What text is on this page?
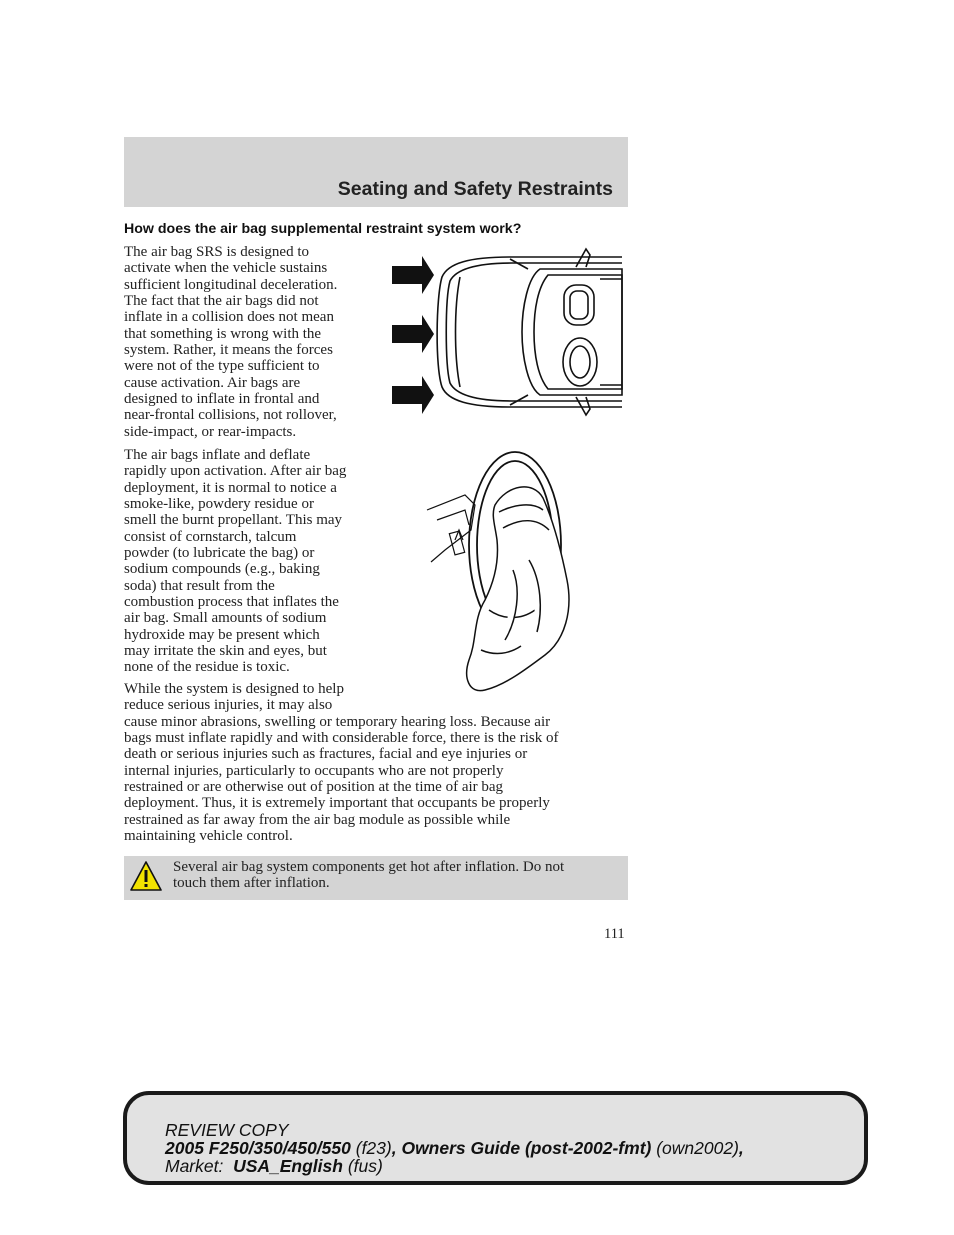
Seating and Safety Restraints
How does the air bag supplemental restraint system work?

The air bag SRS is designed to
activate when the vehicle sustains
sufficient longitudinal deceleration.
The fact that the air bags did not
inflate in a collision does not mean
that something is wrong with the
system. Rather, it means the forces
were not of the type sufficient to
cause activation. Air bags are
designed to inflate in frontal and
near-frontal collisions, not rollover,
side-impact, or rear-impacts.

The air bags inflate and deflate
rapidly upon activation. After air bag
deployment, it is normal to notice a
smoke-like, powdery residue or
smell the burnt propellant. This may
consist of cornstarch, talcum
powder (to lubricate the bag) or
sodium compounds (e.g., baking
soda) that result from the
combustion process that inflates the
air bag. Small amounts of sodium
hydroxide may be present which
may irritate the skin and eyes, but
none of the residue is toxic.

While the system is designed to help
reduce serious injuries, it may also
cause minor abrasions, swelling or temporary hearing loss. Because air
bags must inflate rapidly and with considerable force, there is the risk of
death or serious injuries such as fractures, facial and eye injuries or
internal injuries, particularly to occupants who are not properly
restrained or are otherwise out of position at the time of air bag
deployment. Thus, it is extremely important that occupants be properly
restrained as far away from the air bag module as possible while
maintaining vehicle control.

Several air bag system components get hot after inflation. Do not
touch them after inflation.
111
REVIEW COPY
2005 F250/350/450/550 (f23), Owners Guide (post-2002-fmt) (own2002),
Market:  USA_English (fus)
